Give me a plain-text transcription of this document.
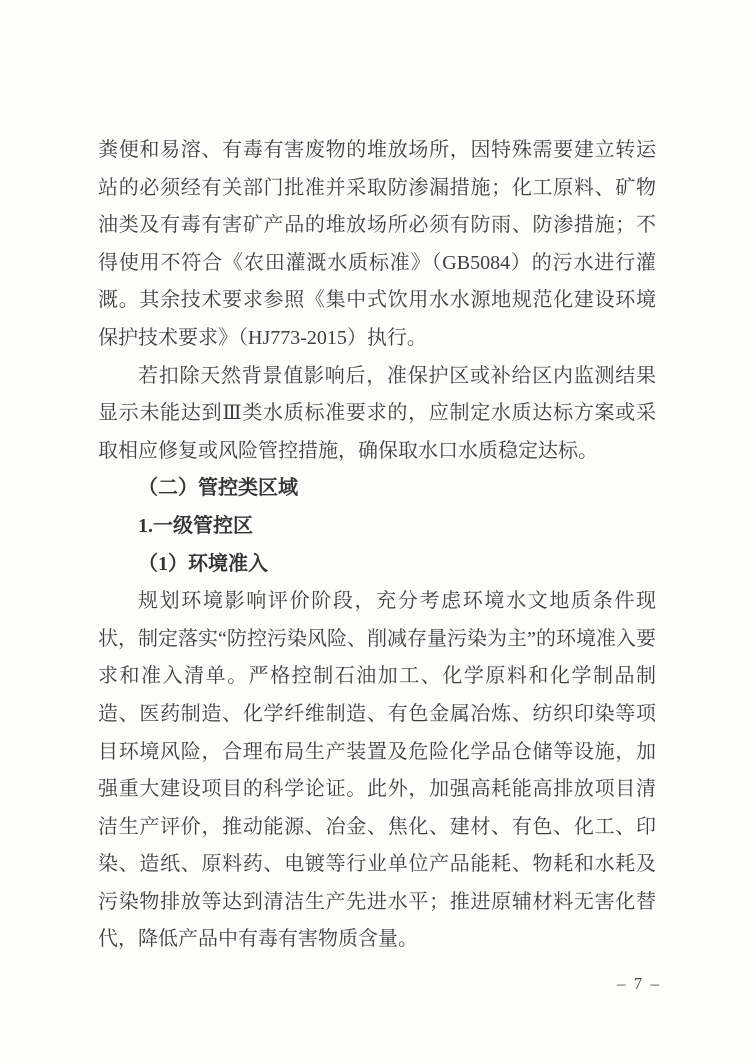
粪便和易溶、有毒有害废物的堆放场所，因特殊需要建立转运站的必须经有关部门批准并采取防渗漏措施；化工原料、矿物油类及有毒有害矿产品的堆放场所必须有防雨、防渗措施；不得使用不符合《农田灌溉水质标准》（GB5084）的污水进行灌溉。其余技术要求参照《集中式饮用水水源地规范化建设环境保护技术要求》（HJ773-2015）执行。
若扣除天然背景值影响后，准保护区或补给区内监测结果显示未能达到Ⅲ类水质标准要求的，应制定水质达标方案或采取相应修复或风险管控措施，确保取水口水质稳定达标。
（二）管控类区域
1.一级管控区
（1）环境准入
规划环境影响评价阶段，充分考虑环境水文地质条件现状，制定落实“防控污染风险、削减存量污染为主”的环境准入要求和准入清单。严格控制石油加工、化学原料和化学制品制造、医药制造、化学纤维制造、有色金属冶炼、纺织印染等项目环境风险，合理布局生产装置及危险化学品仓储等设施，加强重大建设项目的科学论证。此外，加强高耗能高排放项目清洁生产评价，推动能源、冶金、焦化、建材、有色、化工、印染、造纸、原料药、电镀等行业单位产品能耗、物耗和水耗及污染物排放等达到清洁生产先进水平；推进原辅材料无害化替代，降低产品中有毒有害物质含量。
– 7 –
